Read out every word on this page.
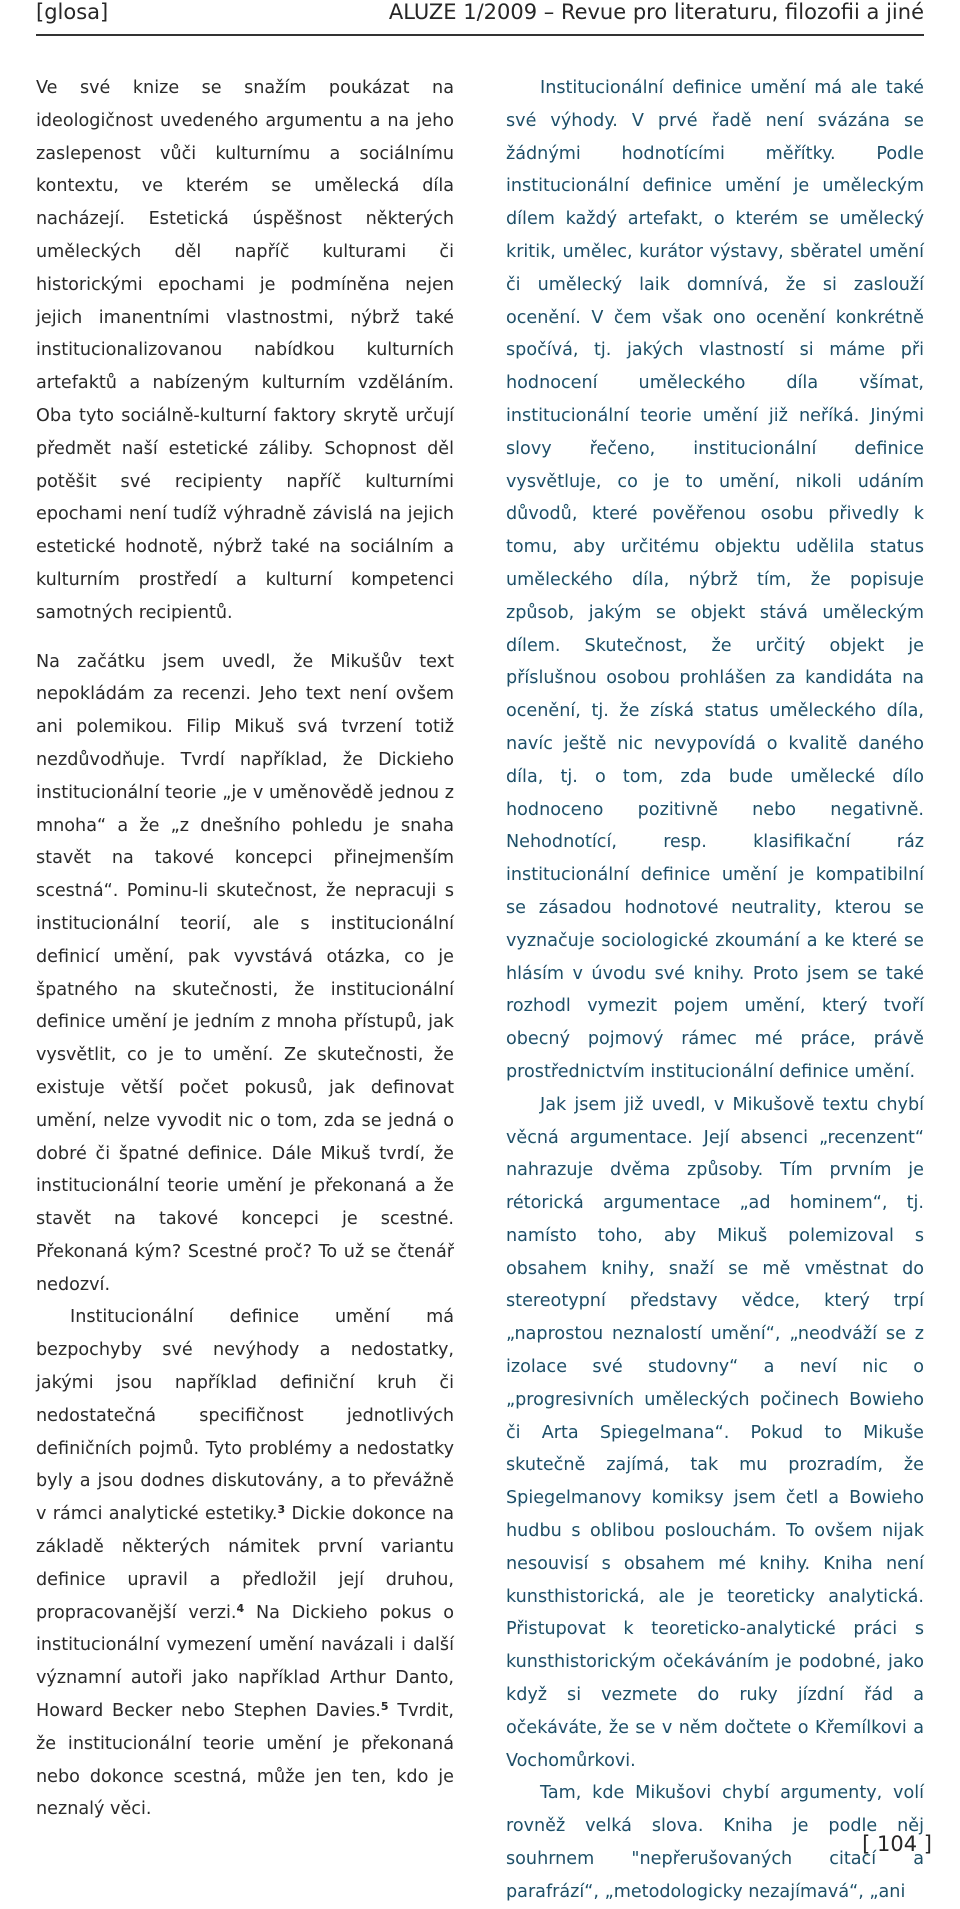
[glosa]	ALUZE 1/2009 – Revue pro literaturu, filozofii a jiné

Ve své knize se snažím poukázat na ideologičnost uvedeného argumentu a na jeho zaslepenost vůči kulturnímu a sociálnímu kontextu, ve kterém se umělecká díla nacházejí. Estetická úspěšnost některých uměleckých děl napříč kulturami či historickými epochami je podmíněna nejen jejich imanentními vlastnostmi, nýbrž také institucionalizovanou nabídkou kulturních artefaktů a nabízeným kulturním vzděláním. Oba tyto sociálně-kulturní faktory skrytě určují předmět naší estetické záliby. Schopnost děl potěšit své recipienty napříč kulturními epochami není tudíž výhradně závislá na jejich estetické hodnotě, nýbrž také na sociálním a kulturním prostředí a kulturní kompetenci samotných recipientů.

Na začátku jsem uvedl, že Mikušův text nepokládám za recenzi. Jeho text není ovšem ani polemikou. Filip Mikuš svá tvrzení totiž nezdůvodňuje. Tvrdí například, že Dickieho institucionální teorie „je v uměnovědě jednou z mnoha“ a že „z dnešního pohledu je snaha stavět na takové koncepci přinejmenším scestná“. Pominu-li skutečnost, že nepracuji s institucionální teorií, ale s institucionální definicí umění, pak vyvstává otázka, co je špatného na skutečnosti, že institucionální definice umění je jedním z mnoha přístupů, jak vysvětlit, co je to umění. Ze skutečnosti, že existuje větší počet pokusů, jak definovat umění, nelze vyvodit nic o tom, zda se jedná o dobré či špatné definice. Dále Mikuš tvrdí, že institucionální teorie umění je překonaná a že stavět na takové koncepci je scestné. Překonaná kým? Scestné proč? To už se čtenář nedozví.

Institucionální definice umění má bezpochyby své nevýhody a nedostatky, jakými jsou například definiční kruh či nedostatečná specifičnost jednotlivých definičních pojmů. Tyto problémy a nedostatky byly a jsou dodnes diskutovány, a to převážně v rámci analytické estetiky.$^3$ Dickie dokonce na základě některých námitek první variantu definice upravil a předložil její druhou, propracovanější verzi.$^4$ Na Dickieho pokus o institucionální vymezení umění navázali i další významní autoři jako například Arthur Danto, Howard Becker nebo Stephen Davies.$^5$ Tvrdit, že institucionální teorie umění je překonaná nebo dokonce scestná, může jen ten, kdo je neznalý věci.

Institucionální definice umění má ale také své výhody. V prvé řadě není svázána se žádnými hodnotícími měřítky. Podle institucionální definice umění je uměleckým dílem každý artefakt, o kterém se umělecký kritik, umělec, kurátor výstavy, sběratel umění či umělecký laik domnívá, že si zaslouží ocenění. V čem však ono ocenění konkrétně spočívá, tj. jakých vlastností si máme při hodnocení uměleckého díla všímat, institucionální teorie umění již neříká. Jinými slovy řečeno, institucionální definice vysvětluje, co je to umění, nikoli udáním důvodů, které pověřenou osobu přivedly k tomu, aby určitému objektu udělila status uměleckého díla, nýbrž tím, že popisuje způsob, jakým se objekt stává uměleckým dílem. Skutečnost, že určitý objekt je příslušnou osobou prohlášen za kandidáta na ocenění, tj. že získá status uměleckého díla, navíc ještě nic nevypovídá o kvalitě daného díla, tj. o tom, zda bude umělecké dílo hodnoceno pozitivně nebo negativně. Nehodnotící, resp. klasifikační ráz institucionální definice umění je kompatibilní se zásadou hodnotové neutrality, kterou se vyznačuje sociologické zkoumání a ke které se hlásím v úvodu své knihy. Proto jsem se také rozhodl vymezit pojem umění, který tvoří obecný pojmový rámec mé práce, právě prostřednictvím institucionální definice umění.

Jak jsem již uvedl, v Mikušově textu chybí věcná argumentace. Její absenci „recenzent“ nahrazuje dvěma způsoby. Tím prvním je rétorická argumentace „ad hominem“, tj. namísto toho, aby Mikuš polemizoval s obsahem knihy, snaží se mě vměstnat do stereotypní představy vědce, který trpí „naprostou neznalostí umění“, „neodváží se z izolace své studovny“ a neví nic o „progresivních uměleckých počinech Bowieho či Arta Spiegelmana“. Pokud to Mikuše skutečně zajímá, tak mu prozradím, že Spiegelmanovy komiksy jsem četl a Bowieho hudbu s oblibou poslouchám. To ovšem nijak nesouvisí s obsahem mé knihy. Kniha není kunsthistorická, ale je teoreticky analytická. Přistupovat k teoreticko-analytické práci s kunsthistorickým očekáváním je podobné, jako když si vezmete do ruky jízdní řád a očekáváte, že se v něm dočtete o Křemílkovi a Vochomůrkovi.

Tam, kde Mikušovi chybí argumenty, volí rovněž velká slova. Kniha je podle něj souhrnem "nepřerušovaných citací a parafrází“, „metodologicky nezajímavá“, „ani

[ 104 ]
